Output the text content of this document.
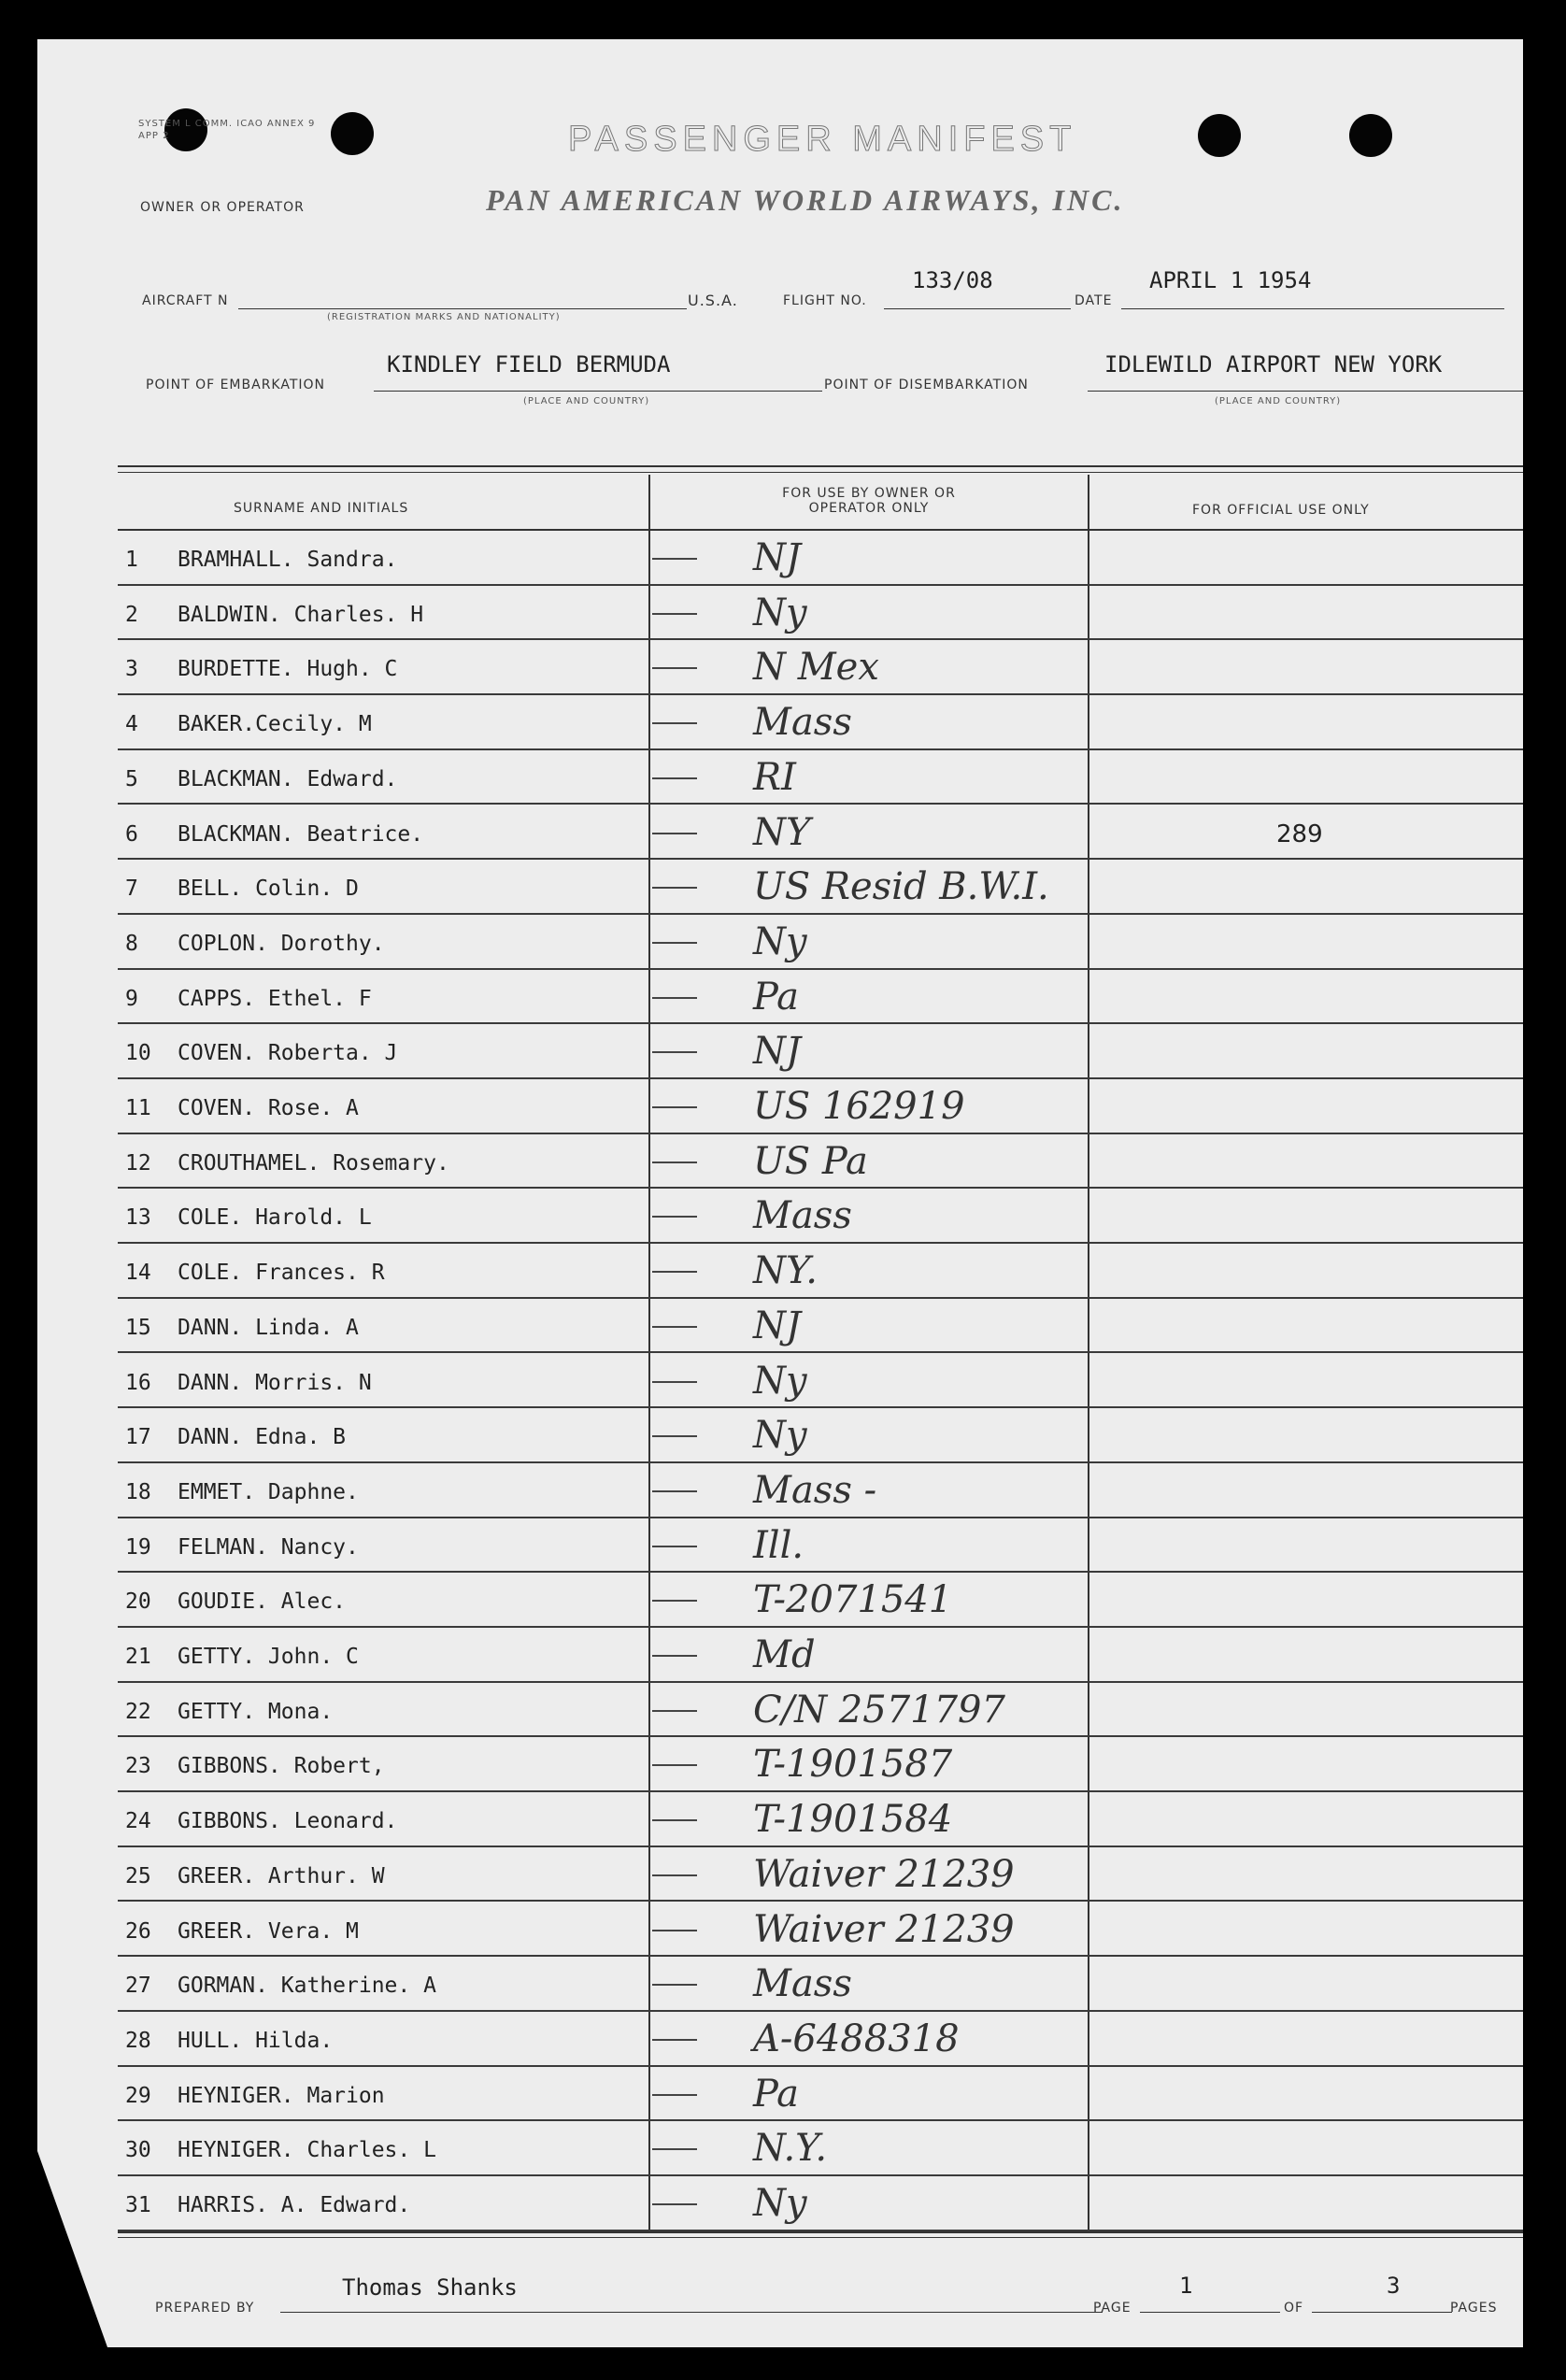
SYSTEM L COMM. ICAO ANNEX 9 APP 2	PASSENGER MANIFEST
OWNER OR OPERATOR	PAN AMERICAN WORLD AIRWAYS, INC.
AIRCRAFT N
(REGISTRATION MARKS AND NATIONALITY)
U.S.A.	FLIGHT NO.
133/08
DATE
APRIL 1 1954
POINT OF EMBARKATION
KINDLEY FIELD BERMUDA
(PLACE AND COUNTRY)
POINT OF DISEMBARKATION
IDLEWILD AIRPORT NEW YORK
(PLACE AND COUNTRY)
SURNAME AND INITIALS
FOR USE BY OWNER OR OPERATOR ONLY	FOR OFFICIAL USE ONLY
1	BRAMHALL. Sandra.	NJ
2	BALDWIN. Charles. H	Ny
3	BURDETTE. Hugh. C	N Mex
4	BAKER.Cecily. M	Mass
5	BLACKMAN. Edward.	RI
6	BLACKMAN. Beatrice.	NY	289
7	BELL. Colin. D	US Resid B.W.I.
8	COPLON. Dorothy.	Ny
9	CAPPS. Ethel. F	Pa
10	COVEN. Roberta. J	NJ
11	COVEN. Rose. A	US 162919
12	CROUTHAMEL. Rosemary.	US Pa
13	COLE. Harold. L	Mass
14	COLE. Frances. R	NY.
15	DANN. Linda. A	NJ
16	DANN. Morris. N	Ny
17	DANN. Edna. B	Ny
18	EMMET. Daphne.	Mass -
19	FELMAN. Nancy.	Ill.
20	GOUDIE. Alec.	T-2071541
21	GETTY. John. C	Md
22	GETTY. Mona.	C/N 2571797
23	GIBBONS. Robert,	T-1901587
24	GIBBONS. Leonard.	T-1901584
25	GREER. Arthur. W	Waiver 21239
26	GREER. Vera. M	Waiver 21239
27	GORMAN. Katherine. A	Mass
28	HULL. Hilda.	A-6488318
29	HEYNIGER. Marion	Pa
30	HEYNIGER. Charles. L	N.Y.
31	HARRIS. A. Edward.	Ny
PREPARED BY
Thomas Shanks
PAGE
1
OF
3
PAGES
